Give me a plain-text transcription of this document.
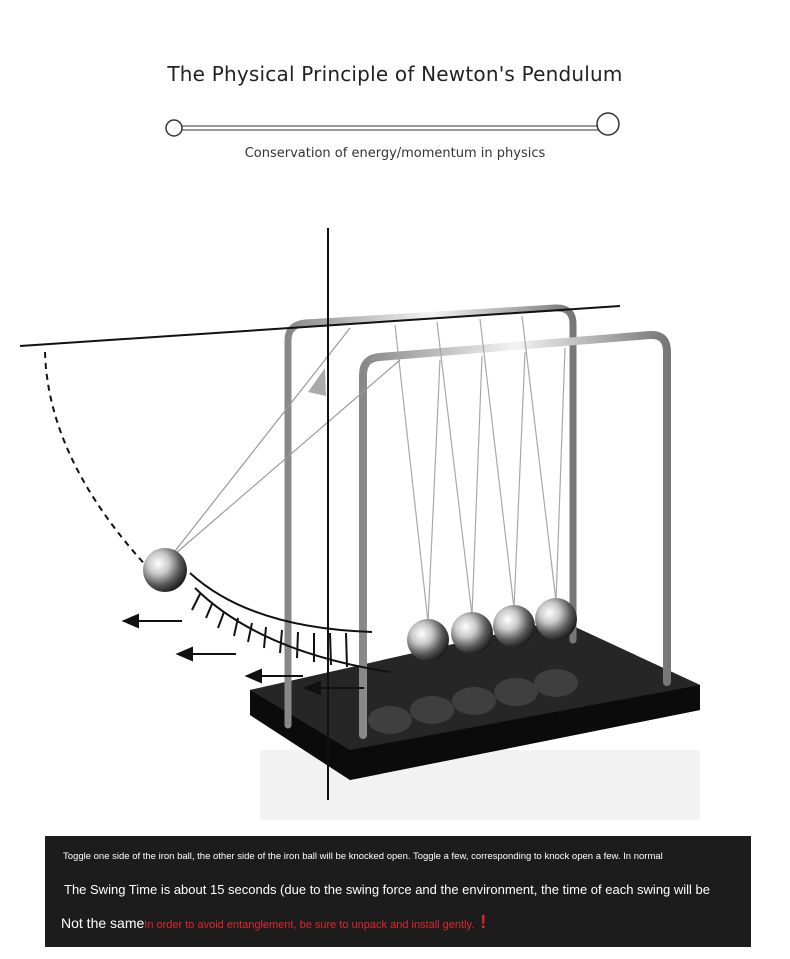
The Physical Principle of Newton's Pendulum
Conservation of energy/momentum in physics
Toggle one side of the iron ball, the other side of the iron ball will be knocked open. Toggle a few, corresponding to knock open a few. In normal
The Swing Time is about 15 seconds (due to the swing force and the environment, the time of each swing will be
Not the sameIn order to avoid entanglement, be sure to unpack and install gently. !
